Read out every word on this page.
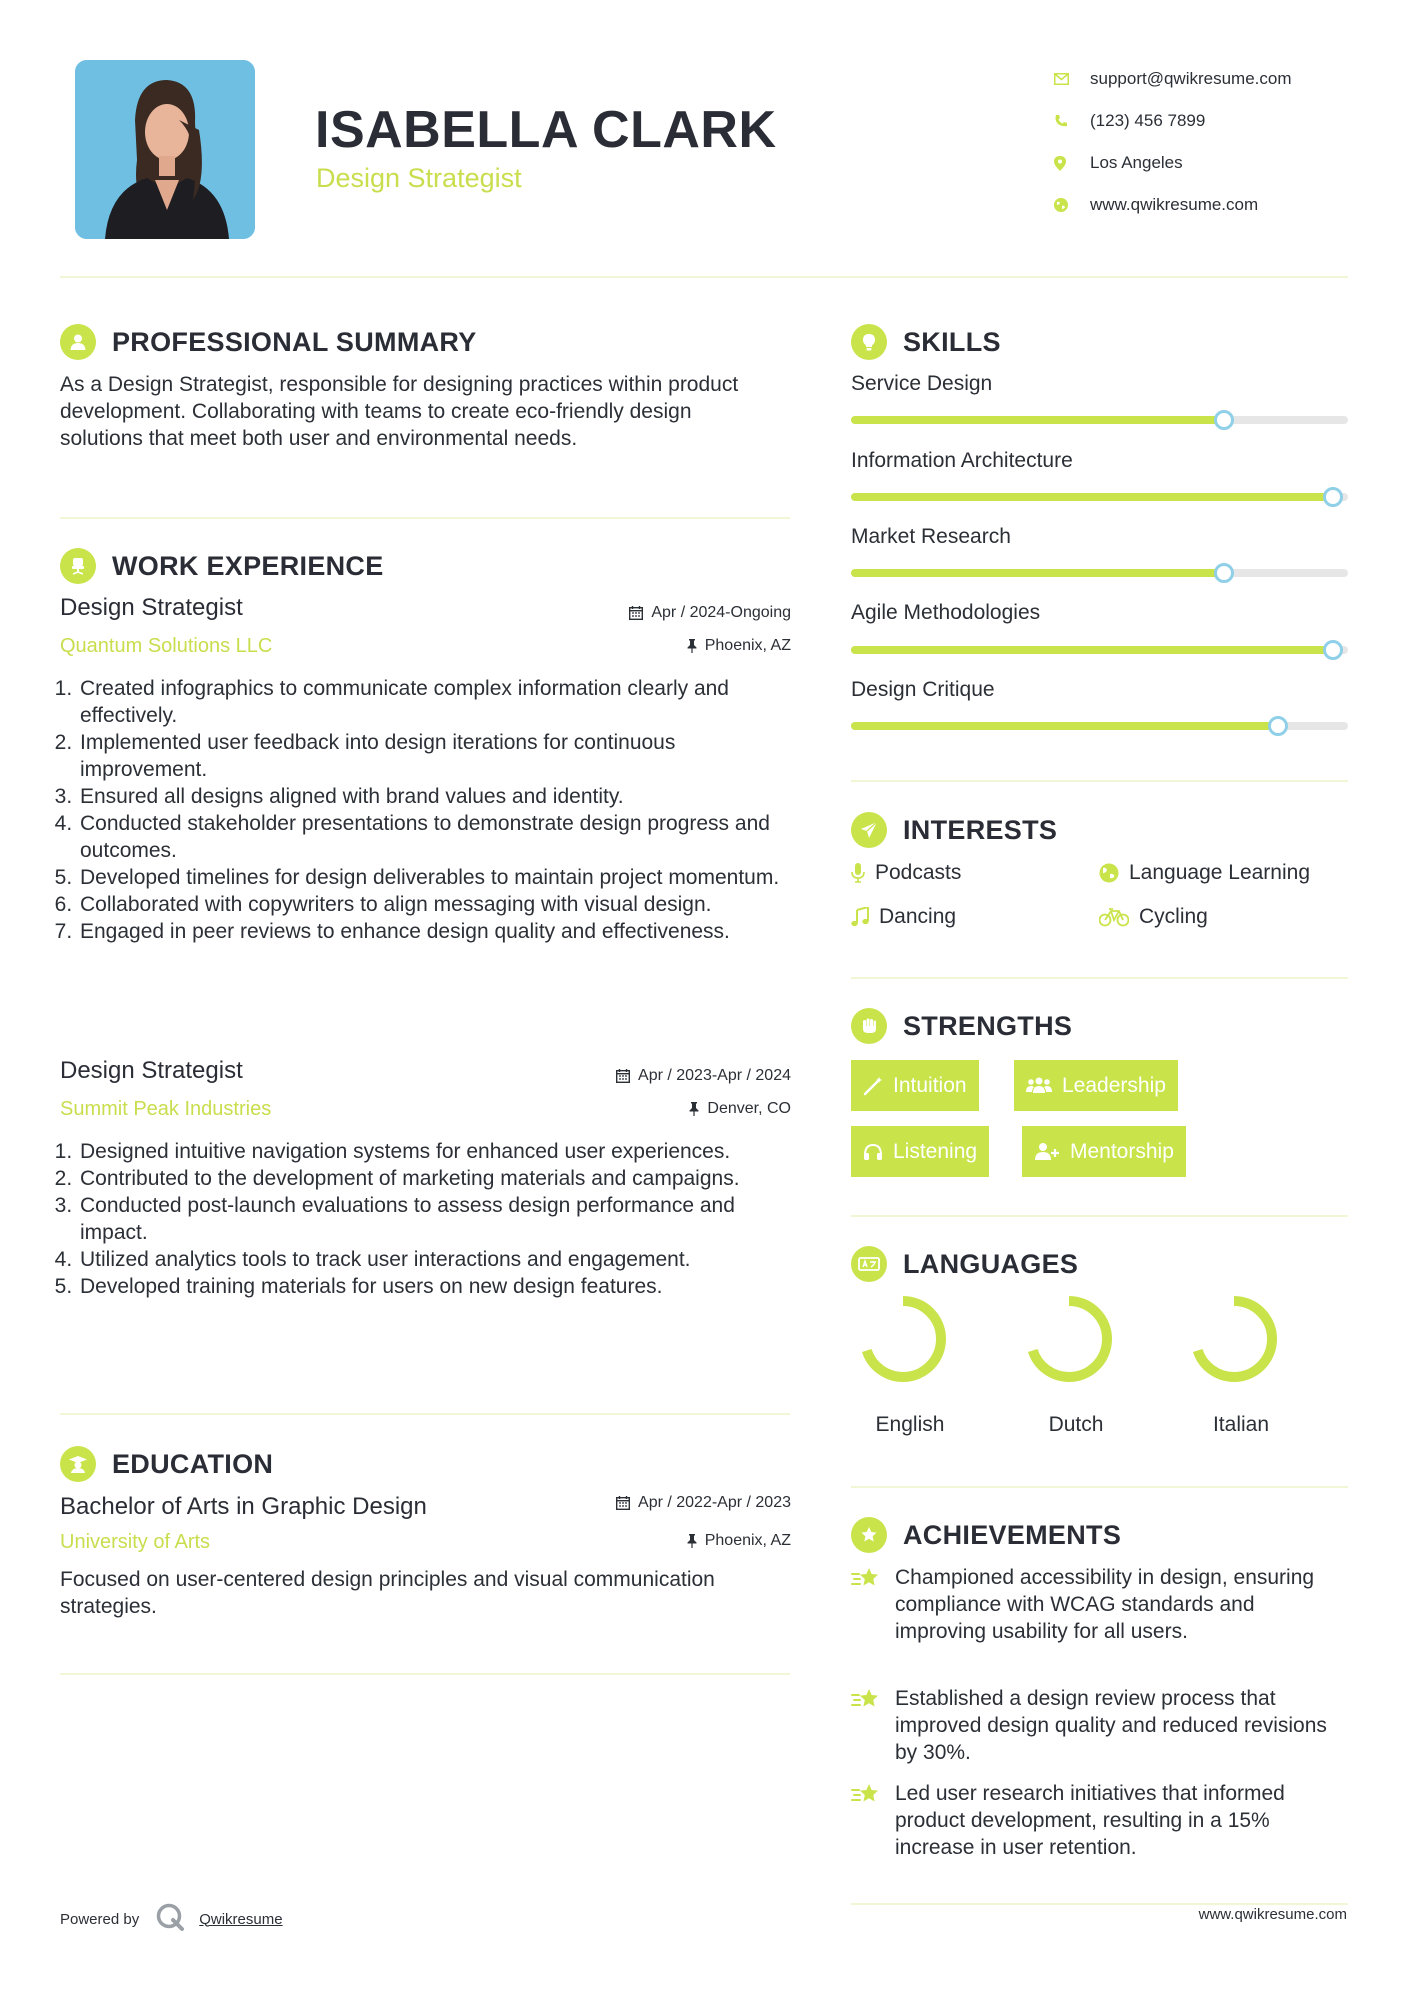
ISABELLA CLARK
Design Strategist
support@qwikresume.com
(123) 456 7899
Los Angeles
www.qwikresume.com
PROFESSIONAL SUMMARY
As a Design Strategist, responsible for designing practices within product development. Collaborating with teams to create eco-friendly design solutions that meet both user and environmental needs.
WORK EXPERIENCE
Design Strategist	Apr / 2024-Ongoing
Quantum Solutions LLC	Phoenix, AZ
1. Created infographics to communicate complex information clearly and effectively.
2. Implemented user feedback into design iterations for continuous improvement.
3. Ensured all designs aligned with brand values and identity.
4. Conducted stakeholder presentations to demonstrate design progress and outcomes.
5. Developed timelines for design deliverables to maintain project momentum.
6. Collaborated with copywriters to align messaging with visual design.
7. Engaged in peer reviews to enhance design quality and effectiveness.
Design Strategist	Apr / 2023-Apr / 2024
Summit Peak Industries	Denver, CO
1. Designed intuitive navigation systems for enhanced user experiences.
2. Contributed to the development of marketing materials and campaigns.
3. Conducted post-launch evaluations to assess design performance and impact.
4. Utilized analytics tools to track user interactions and engagement.
5. Developed training materials for users on new design features.
EDUCATION
Bachelor of Arts in Graphic Design	Apr / 2022-Apr / 2023
University of Arts	Phoenix, AZ
Focused on user-centered design principles and visual communication strategies.
SKILLS
Service Design
Information Architecture
Market Research
Agile Methodologies
Design Critique
INTERESTS
Podcasts	Language Learning
Dancing	Cycling
STRENGTHS
Intuition	Leadership
Listening	Mentorship
LANGUAGES
English	Dutch	Italian
ACHIEVEMENTS
Championed accessibility in design, ensuring compliance with WCAG standards and improving usability for all users.
Established a design review process that improved design quality and reduced revisions by 30%.
Led user research initiatives that informed product development, resulting in a 15% increase in user retention.
Powered by	Qwikresume	www.qwikresume.com
